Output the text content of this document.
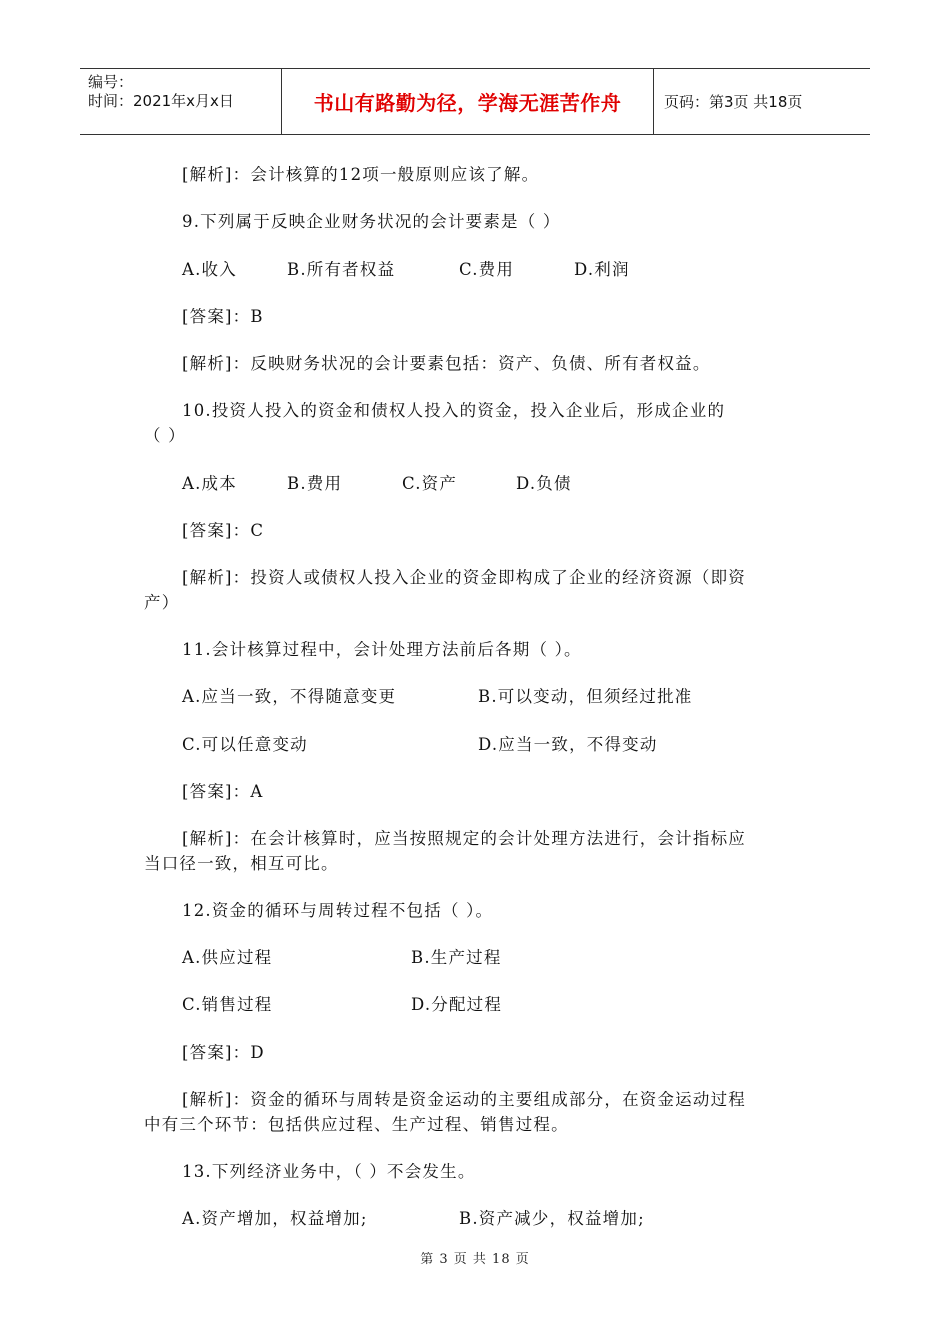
编号：
时间：2021年x月x日	书山有路勤为径，学海无涯苦作舟	页码：第3页 共18页
[解析]：会计核算的12项一般原则应该了解。
9.下列属于反映企业财务状况的会计要素是（ ）
A.收入	B.所有者权益	C.费用	D.利润
[答案]：B
[解析]：反映财务状况的会计要素包括：资产、负债、所有者权益。
10.投资人投入的资金和债权人投入的资金，投入企业后，形成企业的
（ ）
A.成本	B.费用	C.资产	D.负债
[答案]：C
[解析]：投资人或债权人投入企业的资金即构成了企业的经济资源（即资
产）
11.会计核算过程中，会计处理方法前后各期（ ）。
A.应当一致，不得随意变更	B.可以变动，但须经过批准
C.可以任意变动	D.应当一致，不得变动
[答案]：A
[解析]：在会计核算时，应当按照规定的会计处理方法进行，会计指标应
当口径一致，相互可比。
12.资金的循环与周转过程不包括（ ）。
A.供应过程	B.生产过程
C.销售过程	D.分配过程
[答案]：D
[解析]：资金的循环与周转是资金运动的主要组成部分，在资金运动过程
中有三个环节：包括供应过程、生产过程、销售过程。
13.下列经济业务中，（ ）不会发生。
A.资产增加，权益增加;	B.资产减少，权益增加;
第 3 页 共 18 页
